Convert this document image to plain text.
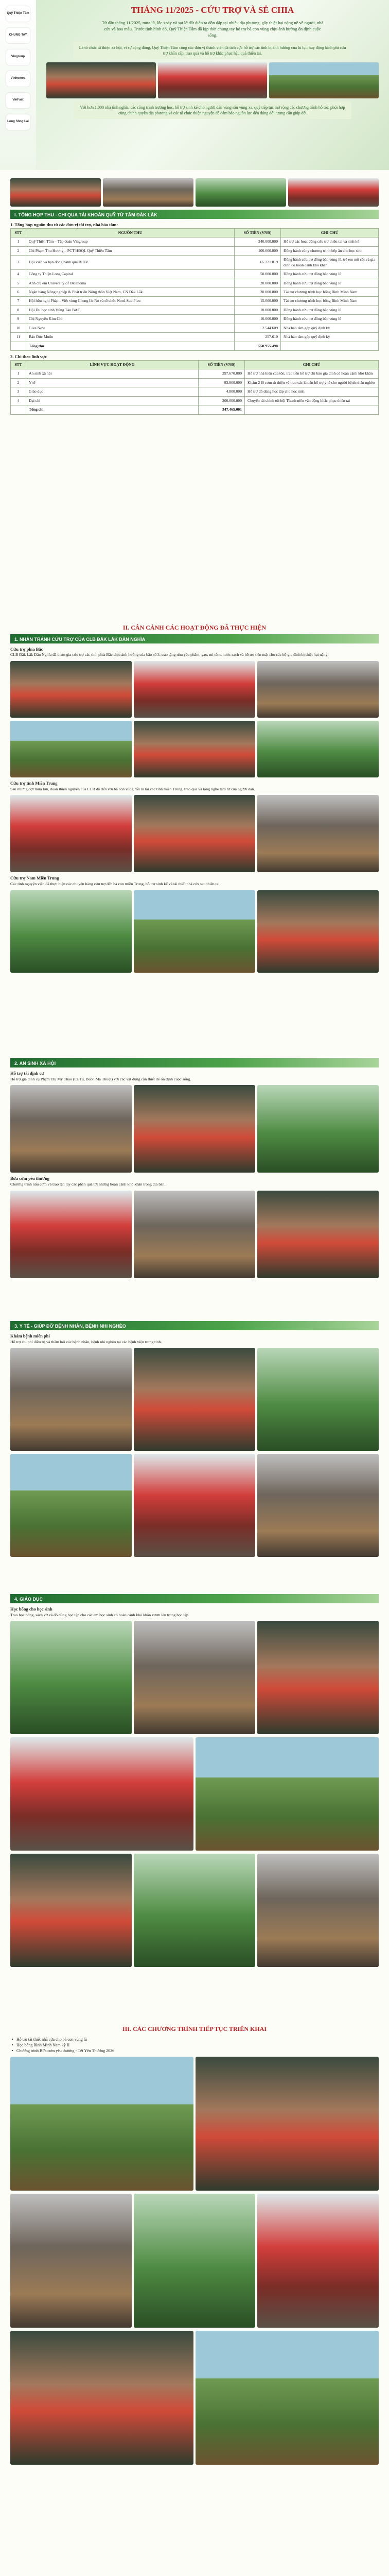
Quỹ Thiện Tâm
CHUNG TAY
Vingroup
Vinhomes
VinFast
Lòng Sông Lai
THÁNG 11/2025 - CỨU TRỢ VÀ SẺ CHIA
Từ đầu tháng 11/2025, mưa lũ, lốc xoáy và sạt lở đất diễn ra dồn dập tại nhiều địa phương, gây thiệt hại nặng nề về người, nhà cửa và hoa màu. Trước tình hình đó, Quỹ Thiện Tâm đã kịp thời chung tay hỗ trợ bà con vùng chịu ảnh hưởng ổn định cuộc sống.
Là tổ chức từ thiện xã hội, vì sự cộng đồng, Quỹ Thiện Tâm cùng các đơn vị thành viên đã tích cực hỗ trợ các tỉnh bị ảnh hưởng của lũ lụt; huy động kinh phí cứu trợ khẩn cấp, trao quà và hỗ trợ khắc phục hậu quả thiên tai.
Với hơn 1.000 nhà tình nghĩa, các công trình trường học, hỗ trợ sinh kế cho người dân vùng sâu vùng xa, quỹ tiếp tục mở rộng các chương trình hỗ trợ, phối hợp cùng chính quyền địa phương và các tổ chức thiện nguyện để đảm bảo nguồn lực đến đúng đối tượng cần giúp đỡ.
I. TỔNG HỢP THU - CHI QUA TÀI KHOẢN QUỸ TỪ TÂM ĐẮK LẮK
1. Tổng hợp nguồn thu từ các đơn vị tài trợ, nhà hảo tâm:
STT	NGUỒN THU	SỐ TIỀN (VNĐ)	GHI CHÚ
1	Quỹ Thiện Tâm – Tập đoàn Vingroup	240.000.000	Hỗ trợ các hoạt động cứu trợ thiên tai và sinh kế
2	Chi Phạm Thu Hương – PCT HĐQL Quỹ Thiện Tâm	100.000.000	Đồng hành cùng chương trình bếp ăn cho học sinh
3	Hội viên và bạn đồng hành qua BIDV	65.221.819	Đồng hành cứu trợ đồng bào vùng lũ, trẻ em mồ côi và gia đình có hoàn cảnh khó khăn
4	Công ty Thiện Long Capital	50.000.000	Đồng hành cứu trợ đồng bào vùng lũ
5	Anh chị em University of Oklahoma	20.000.000	Đồng hành cứu trợ đồng bào vùng lũ
6	Ngân hàng Nông nghiệp & Phát triển Nông thôn Việt Nam, CN Đắk Lắk	20.000.000	Tài trợ chương trình học bổng Bình Minh Nam
7	Hội hữu nghị Pháp - Việt vùng Chung Ile Ro và tổ chức Nord-Sud Pieu	15.000.000	Tài trợ chương trình học bổng Bình Minh Nam
8	Hội Du học sinh Vũng Tàu BAF	10.000.000	Đồng hành cứu trợ đồng bào vùng lũ
9	Chị Nguyễn Kim Chi	10.000.000	Đồng hành cứu trợ đồng bào vùng lũ
10	Give Now	2.544.609	Nhà hảo tâm góp quỹ định kỳ
11	Bảo Đức Muốn	257.610	Nhà hảo tâm góp quỹ định kỳ
	Tổng thu	550.955.498	
2. Chi theo lĩnh vực
STT	LĨNH VỰC HOẠT ĐỘNG	SỐ TIỀN (VNĐ)	GHI CHÚ
1	An sinh xã hội	297.670.000	Hỗ trợ nhà hiện của tôn, trao tiền hỗ trợ chi bào gia đình có hoàn cảnh khó khăn
2	Y tế	93.800.000	Khám 2 lô cơm từ thiện và trao các khoản hỗ trợ y tế cho người bệnh nhân nghèo
3	Giáo dục	4.800.000	Hỗ trợ đồ dùng học tập cho học sinh
4	Đại chi	200.000.000	Chuyển tài chính tới hội Thanh niên vận động khắc phục thiên tai
	Tổng chi	347.465.001	
II. CÂN CẢNH CÁC HOẠT ĐỘNG ĐÃ THỰC HIỆN
1. NHÂN TRÁNH CỨU TRỢ CỦA CLB ĐẮK LẮK DÂN NGHĨA
Cứu trợ phía Bắc
CLB Đắk Lắk Dân Nghĩa đã tham gia cứu trợ các tỉnh phía Bắc chịu ảnh hưởng của bão số 3, trao tặng nhu yếu phẩm, gạo, mì tôm, nước sạch và hỗ trợ tiền mặt cho các hộ gia đình bị thiệt hại nặng.
Cứu trợ tỉnh Miền Trung
Sau những đợt mưa lớn, đoàn thiện nguyện của CLB đã đến với bà con vùng rốn lũ tại các tỉnh miền Trung, trao quà và lắng nghe tâm tư của người dân.
Cứu trợ Nam Miền Trung
Các tình nguyện viên đã thực hiện các chuyến hàng cứu trợ đến bà con miền Trung, hỗ trợ sinh kế và tái thiết nhà cửa sau thiên tai.
2. AN SINH XÃ HỘI
Hỗ trợ tái định cư
Hỗ trợ gia đình cụ Phạm Thị Mỹ Thảo (Ea Tu, Buôn Ma Thuột) với các vật dụng cần thiết để ổn định cuộc sống.
Bữa cơm yêu thương
Chương trình nấu cơm và trao tận tay các phần quà tới những hoàn cảnh khó khăn trong địa bàn.
3. Y TẾ - GIÚP ĐỠ BỆNH NHÂN, BỆNH NHI NGHÈO
Khám bệnh miễn phí
Hỗ trợ chi phí điều trị và thăm hỏi các bệnh nhân, bệnh nhi nghèo tại các bệnh viện trong tỉnh.
4. GIÁO DỤC
Học bổng cho học sinh
Trao học bổng, sách vở và đồ dùng học tập cho các em học sinh có hoàn cảnh khó khăn vươn lên trong học tập.
III. CÁC CHƯƠNG TRÌNH TIẾP TỤC TRIỂN KHAI
• Hỗ trợ tái thiết nhà cửa cho bà con vùng lũ
• Học bổng Bình Minh Nam kỳ II
• Chương trình Bữa cơm yêu thương - Tết Yêu Thương 2026
